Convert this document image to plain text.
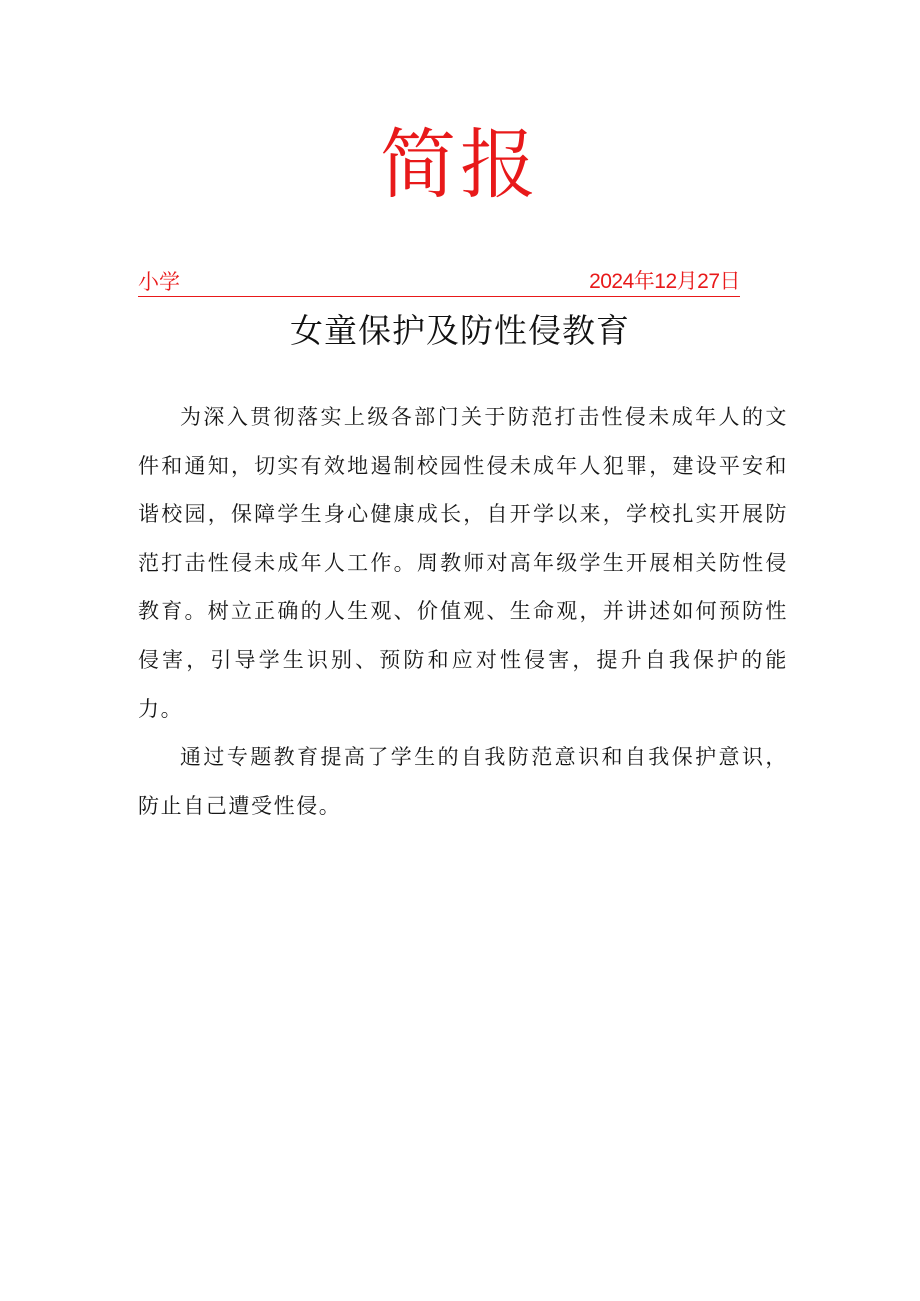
简报
小学	2024年12月27日
女童保护及防性侵教育

为深入贯彻落实上级各部门关于防范打击性侵未成年人的文件和通知，切实有效地遏制校园性侵未成年人犯罪，建设平安和谐校园，保障学生身心健康成长，自开学以来，学校扎实开展防范打击性侵未成年人工作。周教师对高年级学生开展相关防性侵教育。树立正确的人生观、价值观、生命观，并讲述如何预防性侵害，引导学生识别、预防和应对性侵害，提升自我保护的能力。

通过专题教育提高了学生的自我防范意识和自我保护意识，防止自己遭受性侵。
